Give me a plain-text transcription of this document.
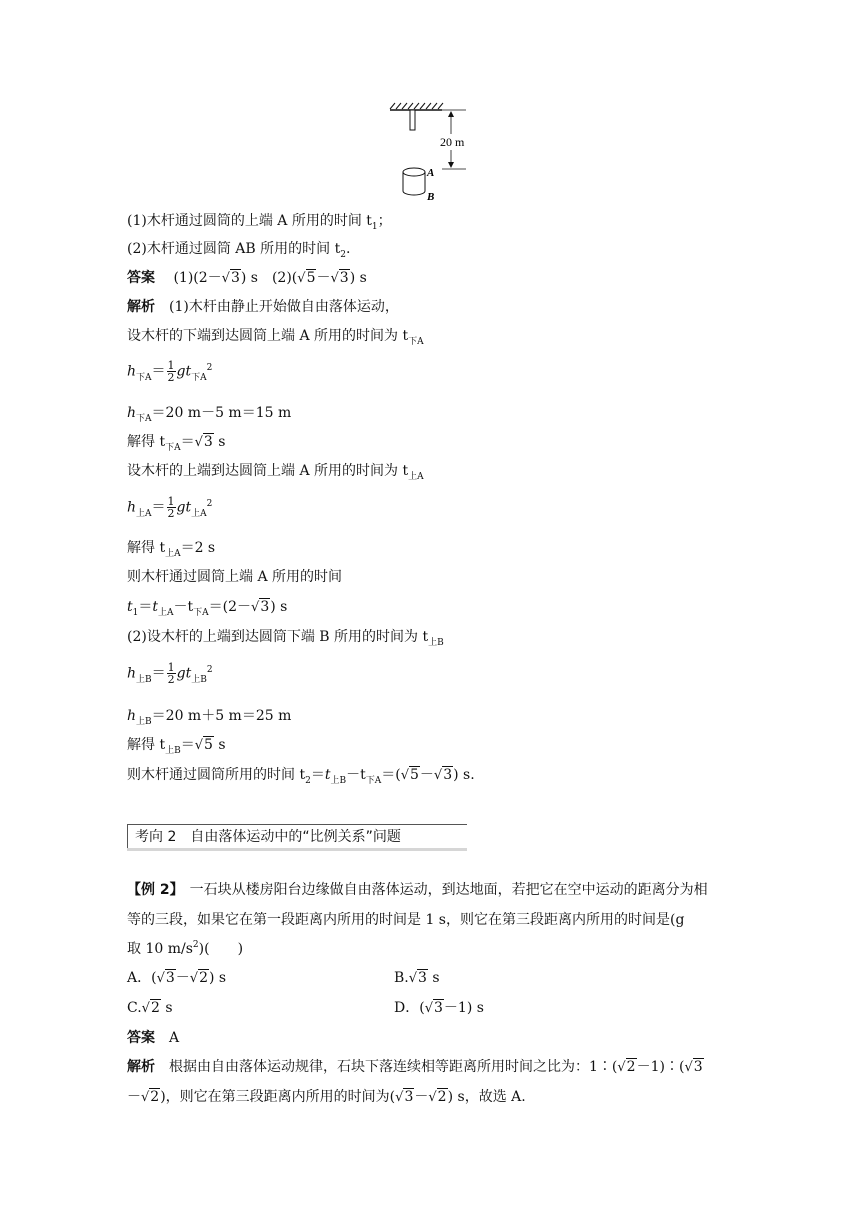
20 m
A
B
(1)木杆通过圆筒的上端 A 所用的时间 $t_1$；
(2)木杆通过圆筒 AB 所用的时间 $t_2$.
答案 (1)(2－√3) s　(2)(√5－√3) s
解析 (1)木杆由静止开始做自由落体运动，
设木杆的下端到达圆筒上端 A 所用的时间为 $t_{下A}$
$h_{下A}= \frac{1}{2} gt_{下A}^2$
$h_{下A}=20$ m－5 m＝15 m
解得 $t_{下A}=√3$ s
设木杆的上端到达圆筒上端 A 所用的时间为 $t_{上A}$
$h_{上A}= \frac{1}{2} gt_{上A}^2$
解得 $t_{上A}=2$ s
则木杆通过圆筒上端 A 所用的时间
$t_1=t_{上A}-t_{下A}=(2-√3)$ s
(2)设木杆的上端到达圆筒下端 B 所用的时间为 $t_{上B}$
$h_{上B}= \frac{1}{2} gt_{上B}^2$
$h_{上B}=20$ m＋5 m＝25 m
解得 $t_{上B}=√5$ s
则木杆通过圆筒所用的时间 $t_2=t_{上B}-t_{下A}=(√5-√3)$ s.
考向 2　自由落体运动中的“比例关系”问题
【例 2】 一石块从楼房阳台边缘做自由落体运动，到达地面，若把它在空中运动的距离分为相
等的三段，如果它在第一段距离内所用的时间是 1 s，则它在第三段距离内所用的时间是(g
取 10 $m/s^2$)(　　)
A．(√3－√2) s	B.√3 s
C.√2 s	D．(√3－1) s
答案 A
解析 根据由自由落体运动规律，石块下落连续相等距离所用时间之比为：1∶(√2－1)∶(√3
－√2)，则它在第三段距离内所用的时间为(√3－√2) s，故选 A.
